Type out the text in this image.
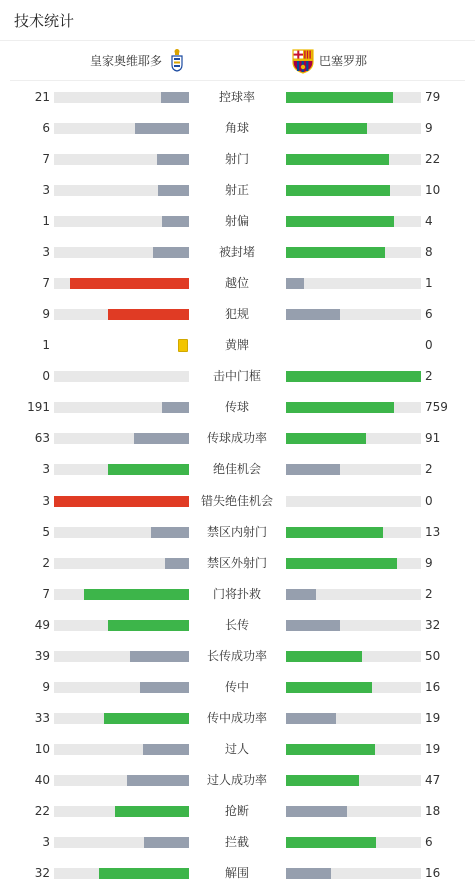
技术统计
皇家奥维耶多	巴塞罗那
21	控球率	79
6	角球	9
7	射门	22
3	射正	10
1	射偏	4
3	被封堵	8
7	越位	1
9	犯规	6
1	黄牌	0
0	击中门框	2
191	传球	759
63	传球成功率	91
3	绝佳机会	2
3	错失绝佳机会	0
5	禁区内射门	13
2	禁区外射门	9
7	门将扑救	2
49	长传	32
39	长传成功率	50
9	传中	16
33	传中成功率	19
10	过人	19
40	过人成功率	47
22	抢断	18
3	拦截	6
32	解围	16
